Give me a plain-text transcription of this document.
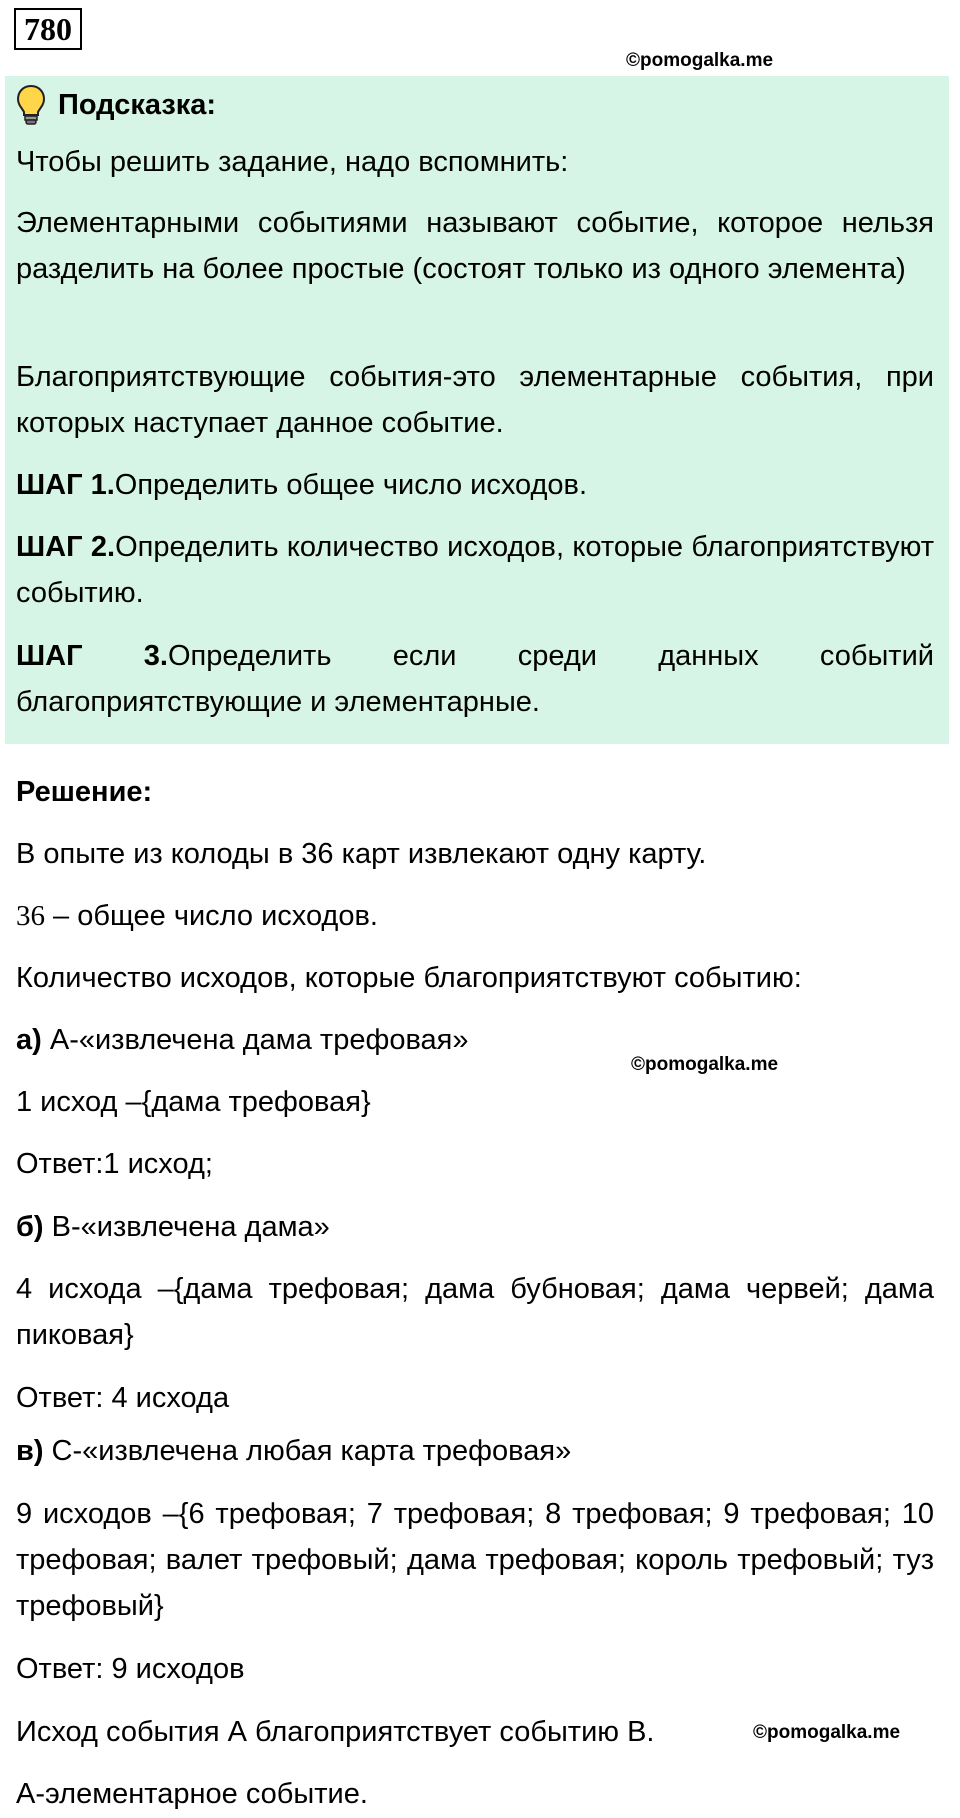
780
©pomogalka.me
Подсказка:
Чтобы решить задание, надо вспомнить:
Элементарными событиями называют событие, которое нельзя разделить на более простые (состоят только из одного элемента)
Благоприятствующие события-это элементарные события, при которых наступает данное событие.
ШАГ 1.Определить общее число исходов.
ШАГ 2.Определить количество исходов, которые благоприятствуют событию.
ШАГ 3.Определить если среди данных событий благоприятствующие и элементарные.
Решение:
В опыте из колоды в 36 карт извлекают одну карту.
36 – общее число исходов.
Количество исходов, которые благоприятствуют событию:
а) А-«извлечена дама трефовая»
©pomogalka.me
1 исход –{дама трефовая}
Ответ:1 исход;
б) В-«извлечена дама»
4 исхода –{дама трефовая; дама бубновая; дама червей; дама пиковая}
Ответ: 4 исхода
в) С-«извлечена любая карта трефовая»
9 исходов –{6 трефовая; 7 трефовая; 8 трефовая; 9 трефовая; 10 трефовая; валет трефовый; дама трефовая; король трефовый; туз трефовый}
Ответ: 9 исходов
Исход события А благоприятствует событию В.	©pomogalka.me
А-элементарное событие.
